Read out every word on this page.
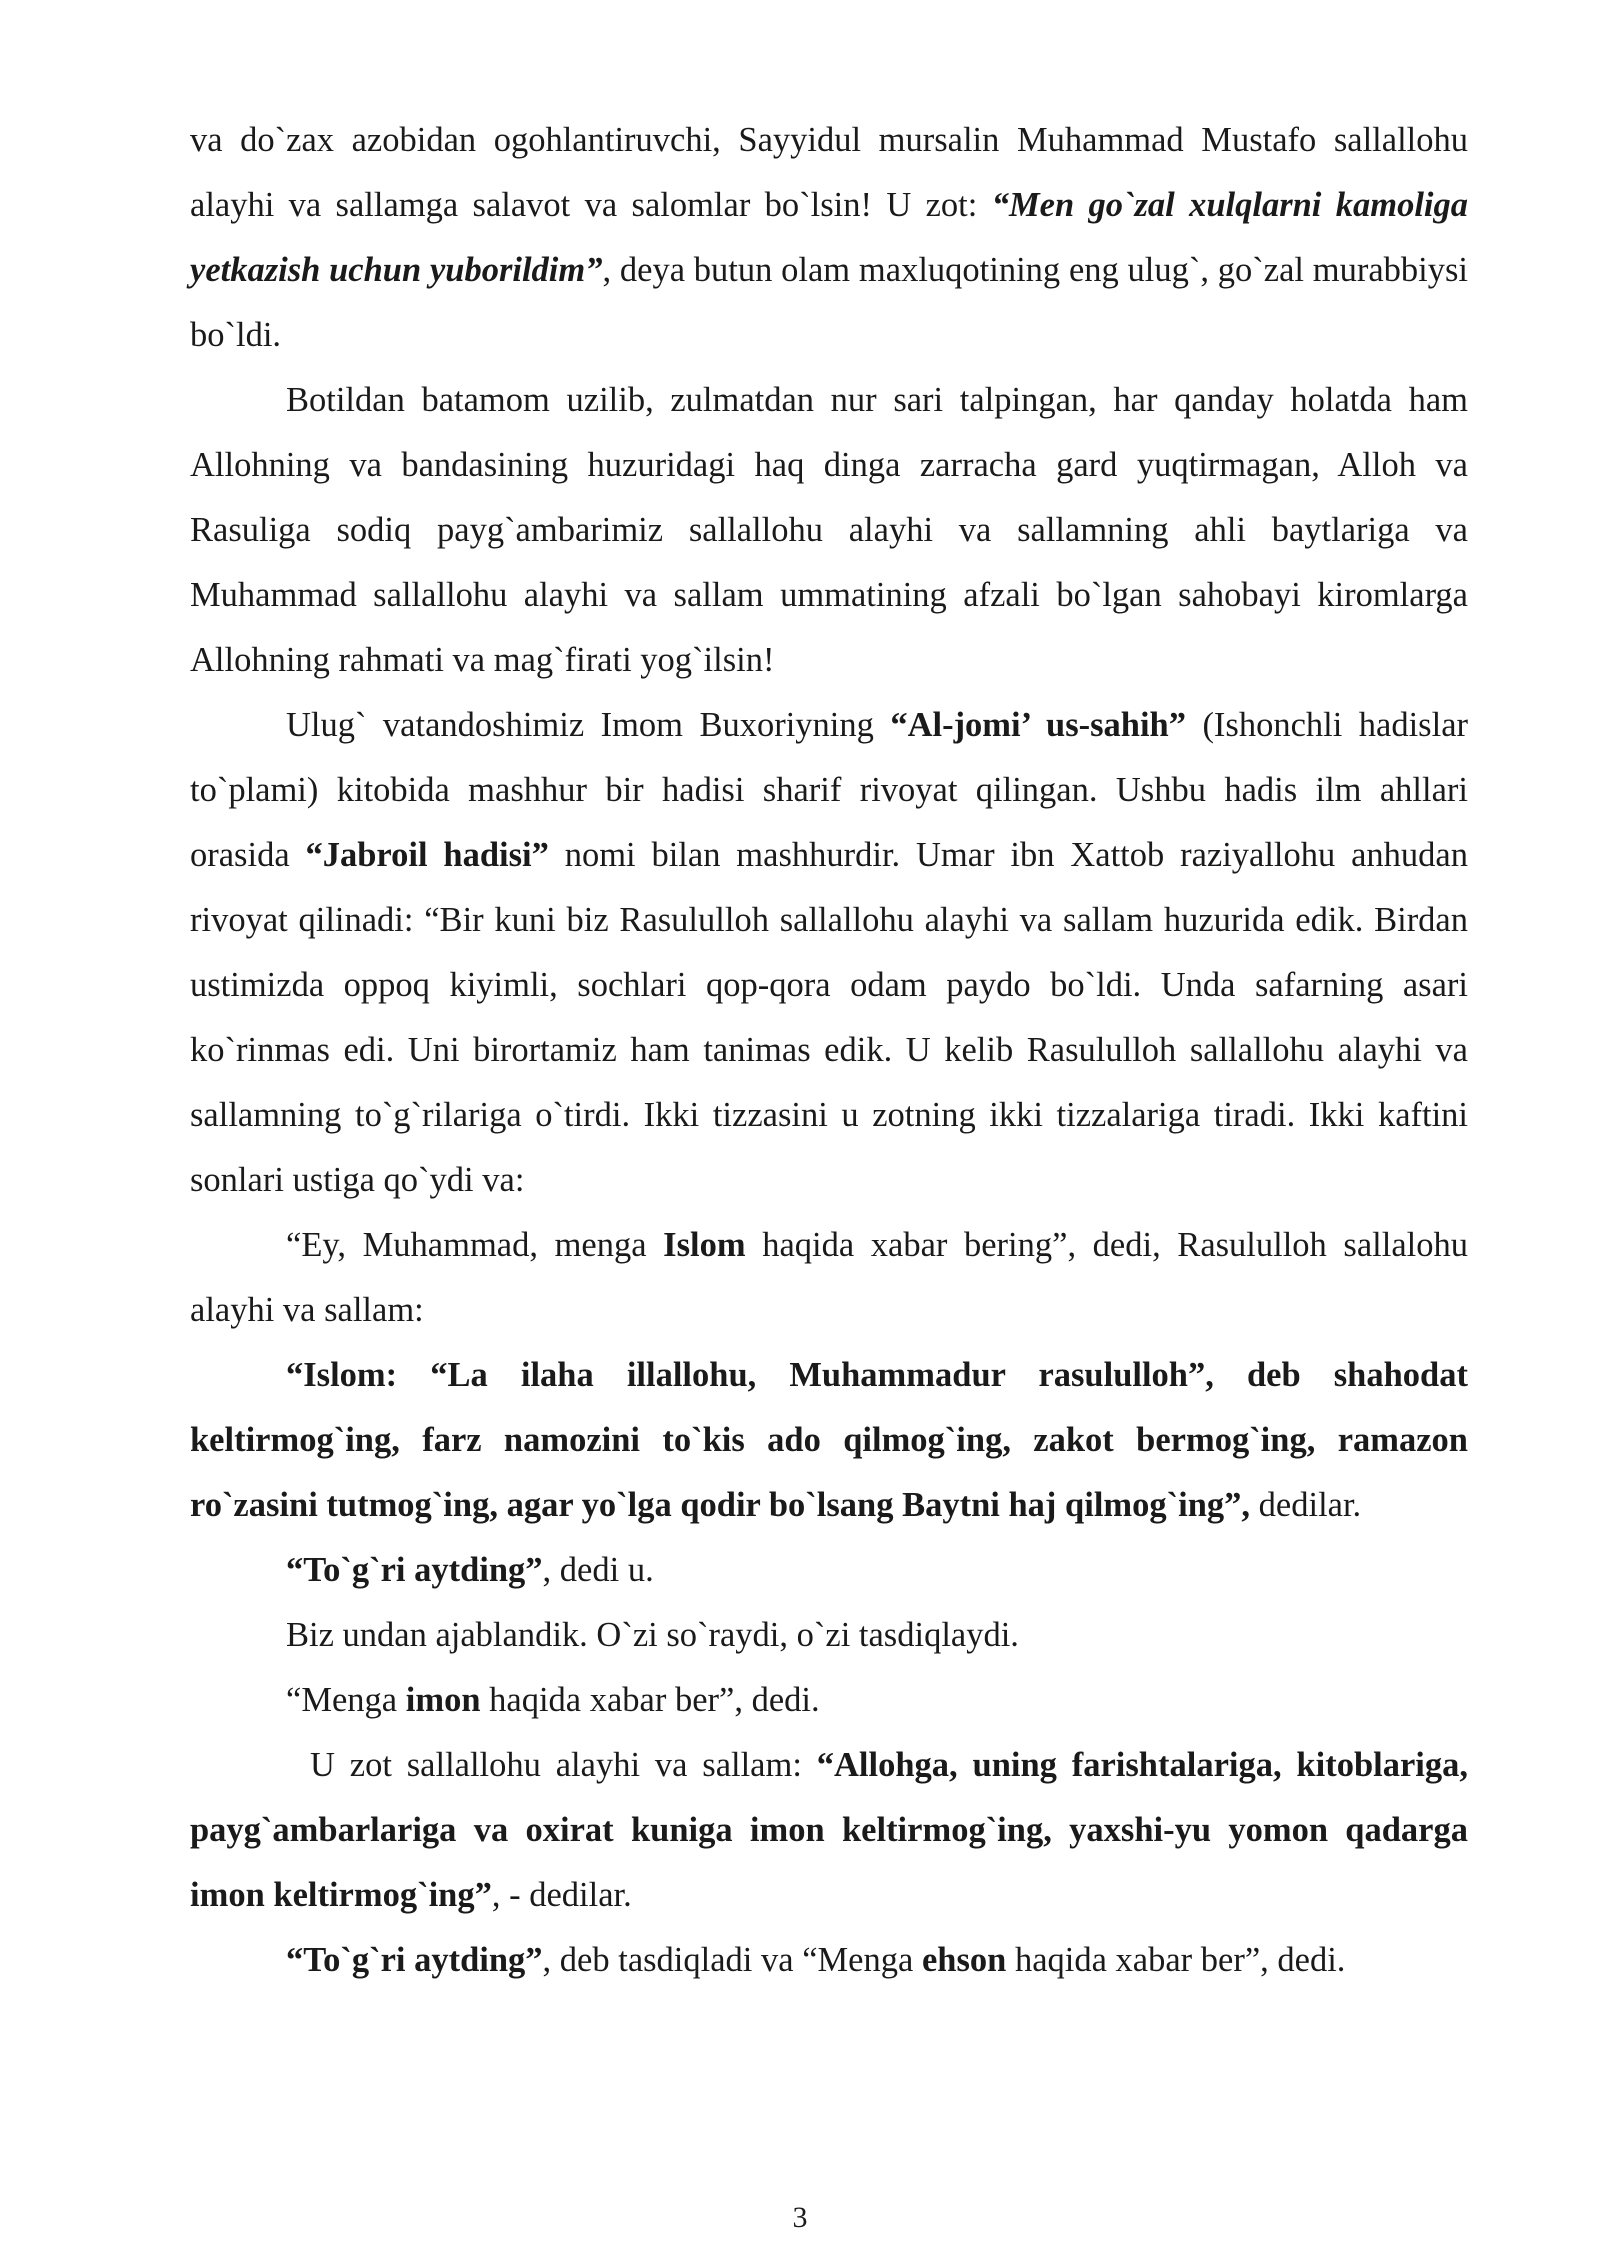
va do`zax azobidan ogohlantiruvchi, Sayyidul mursalin Muhammad Mustafo sallallohu alayhi va sallamga salavot va salomlar bo`lsin! U zot: “Men go`zal xulqlarni kamoliga yetkazish uchun yuborildim”, deya butun olam maxluqotining eng ulug`, go`zal murabbiysi bo`ldi.

Botildan batamom uzilib, zulmatdan nur sari talpingan, har qanday holatda ham Allohning va bandasining huzuridagi haq dinga zarracha gard yuqtirmagan, Alloh va Rasuliga sodiq payg`ambarimiz sallallohu alayhi va sallamning ahli baytlariga va Muhammad sallallohu alayhi va sallam ummatining afzali bo`lgan sahobayi kiromlarga Allohning rahmati va mag`firati yog`ilsin!

Ulug` vatandoshimiz Imom Buxoriyning “Al-jomi’ us-sahih” (Ishonchli hadislar to`plami) kitobida mashhur bir hadisi sharif rivoyat qilingan. Ushbu hadis ilm ahllari orasida “Jabroil hadisi” nomi bilan mashhurdir. Umar ibn Xattob raziyallohu anhudan rivoyat qilinadi: “Bir kuni biz Rasululloh sallallohu alayhi va sallam huzurida edik. Birdan ustimizda oppoq kiyimli, sochlari qop-qora odam paydo bo`ldi. Unda safarning asari ko`rinmas edi. Uni birortamiz ham tanimas edik. U kelib Rasululloh sallallohu alayhi va sallamning to`g`rilariga o`tirdi. Ikki tizzasini u zotning ikki tizzalariga tiradi. Ikki kaftini sonlari ustiga qo`ydi va:

“Ey, Muhammad, menga Islom haqida xabar bering”, dedi, Rasululloh sallalohu alayhi va sallam:

“Islom: “La ilaha illallohu, Muhammadur rasululloh”, deb shahodat keltirmog`ing, farz namozini to`kis ado qilmog`ing, zakot bermog`ing, ramazon ro`zasini tutmog`ing, agar yo`lga qodir bo`lsang Baytni haj qilmog`ing”, dedilar.

“To`g`ri aytding”, dedi u.

Biz undan ajablandik. O`zi so`raydi, o`zi tasdiqlaydi.

“Menga imon haqida xabar ber”, dedi.

U zot sallallohu alayhi va sallam: “Allohga, uning farishtalariga, kitoblariga, payg`ambarlariga va oxirat kuniga imon keltirmog`ing, yaxshi-yu yomon qadarga imon keltirmog`ing”, - dedilar.

“To`g`ri aytding”, deb tasdiqladi va “Menga ehson haqida xabar ber”, dedi.

3
